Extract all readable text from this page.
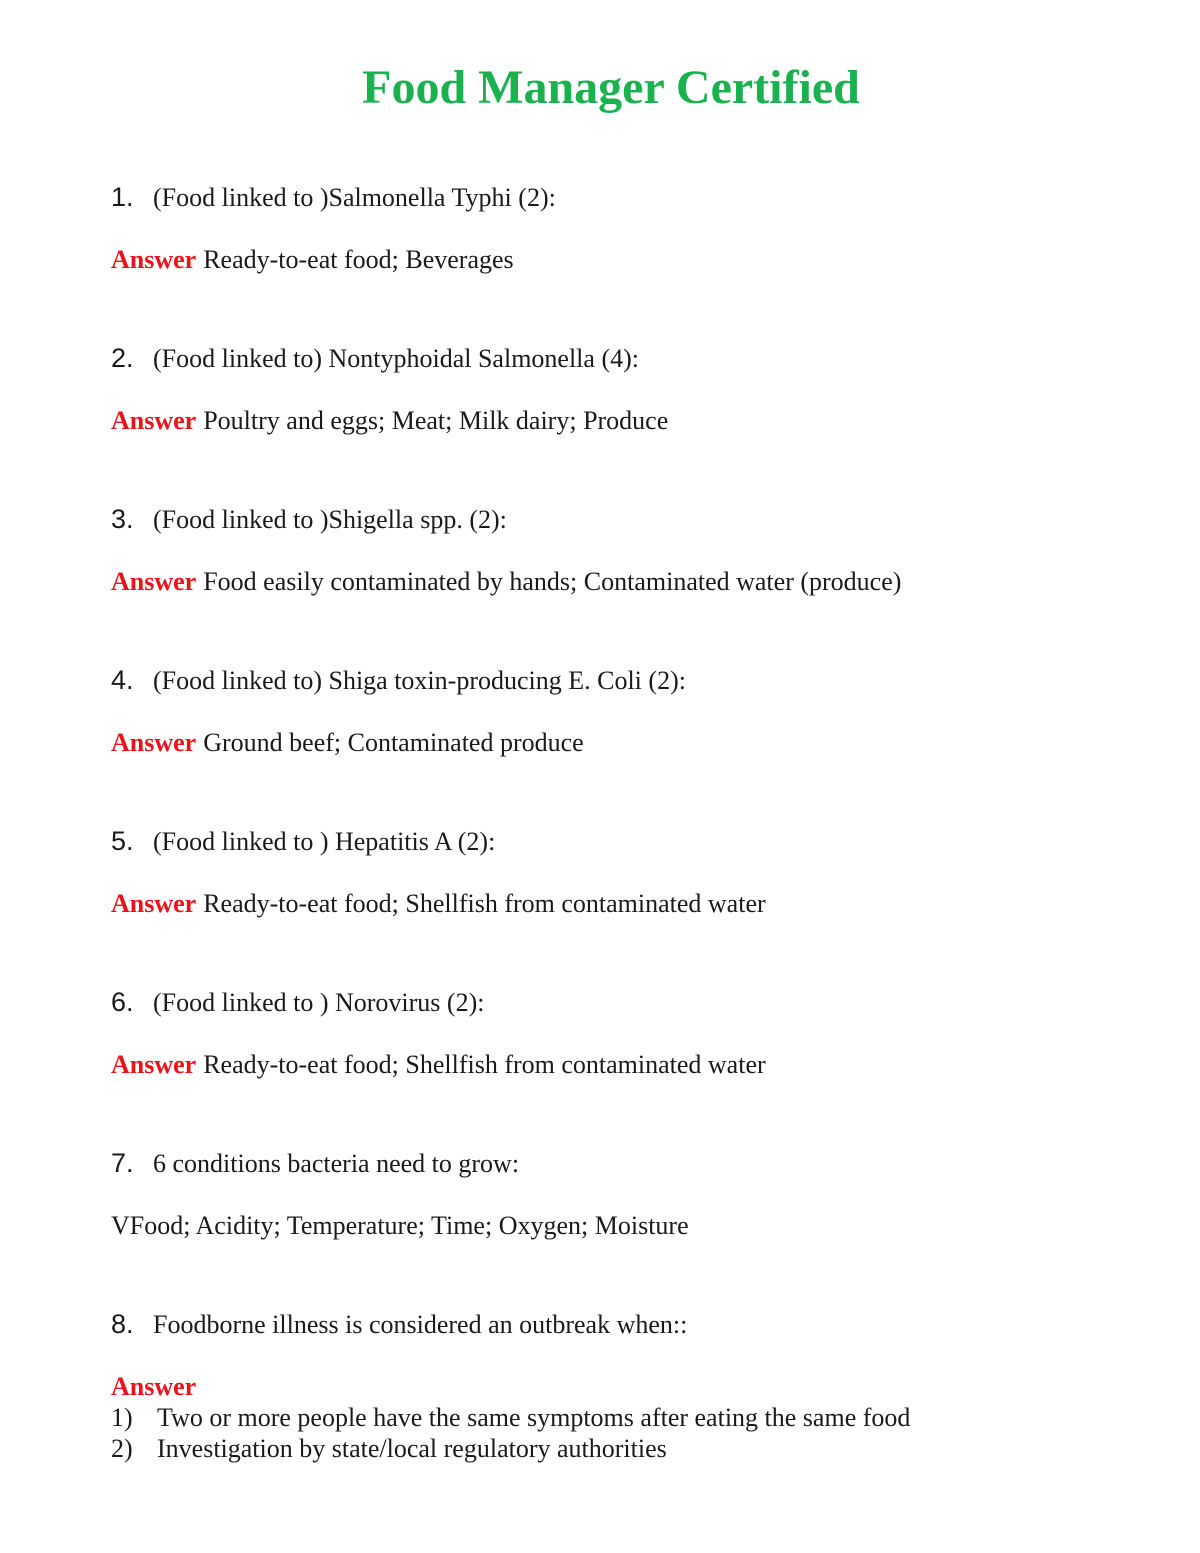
Food Manager Certified
1. (Food linked to )Salmonella Typhi (2):
Answer Ready-to-eat food; Beverages
2. (Food linked to) Nontyphoidal Salmonella (4):
Answer Poultry and eggs; Meat; Milk dairy; Produce
3. (Food linked to )Shigella spp. (2):
Answer Food easily contaminated by hands; Contaminated water (produce)
4. (Food linked to) Shiga toxin-producing E. Coli (2):
Answer Ground beef; Contaminated produce
5. (Food linked to ) Hepatitis A (2):
Answer Ready-to-eat food; Shellfish from contaminated water
6. (Food linked to ) Norovirus (2):
Answer Ready-to-eat food; Shellfish from contaminated water
7. 6 conditions bacteria need to grow:
VFood; Acidity; Temperature; Time; Oxygen; Moisture
8. Foodborne illness is considered an outbreak when::
Answer
1) Two or more people have the same symptoms after eating the same food
2) Investigation by state/local regulatory authorities
